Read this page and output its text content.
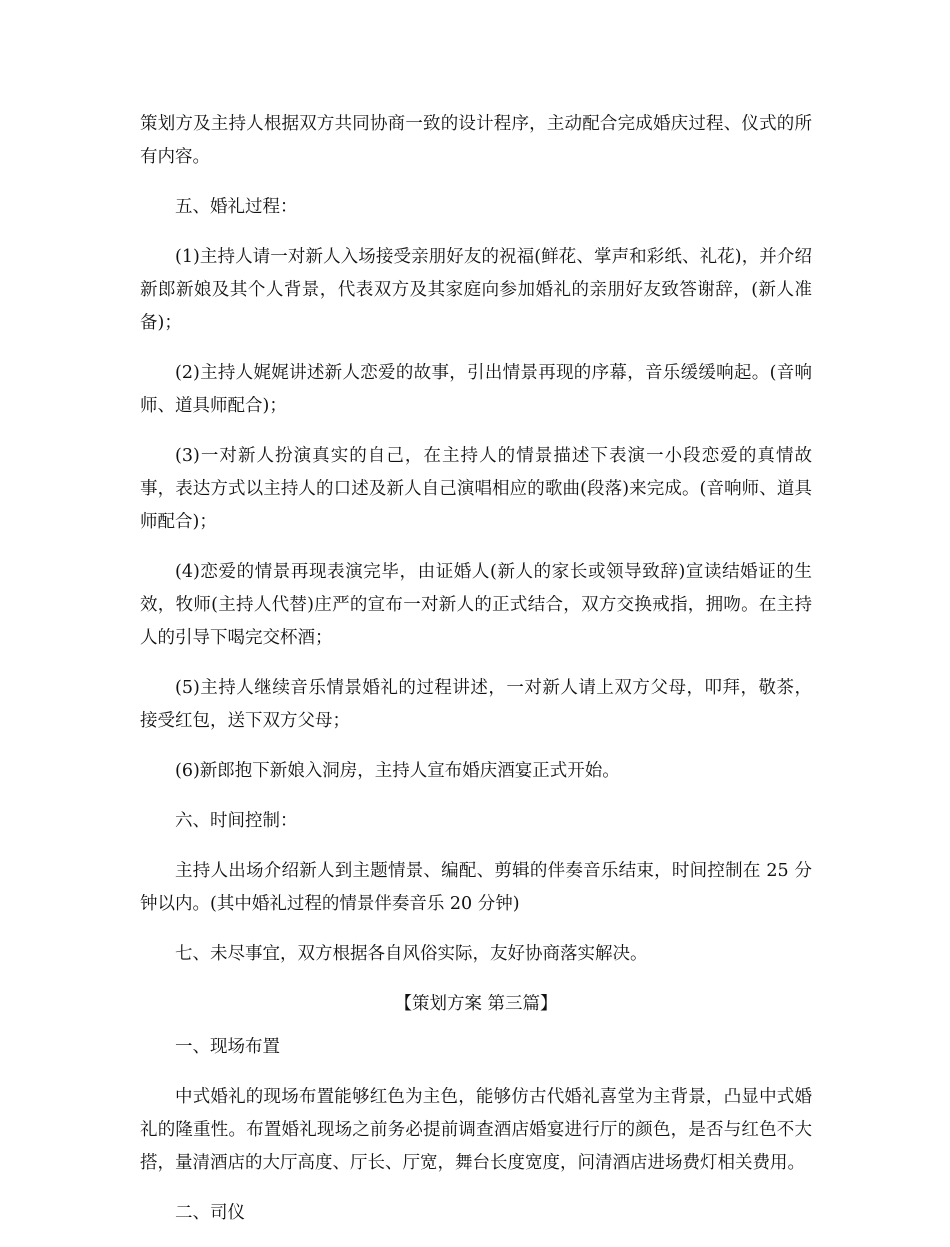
策划方及主持人根据双方共同协商一致的设计程序，主动配合完成婚庆过程、仪式的所有内容。

五、婚礼过程：

(1)主持人请一对新人入场接受亲朋好友的祝福(鲜花、掌声和彩纸、礼花)，并介绍新郎新娘及其个人背景，代表双方及其家庭向参加婚礼的亲朋好友致答谢辞，(新人准备)；

(2)主持人娓娓讲述新人恋爱的故事，引出情景再现的序幕，音乐缓缓响起。(音响师、道具师配合)；

(3)一对新人扮演真实的自己，在主持人的情景描述下表演一小段恋爱的真情故事，表达方式以主持人的口述及新人自己演唱相应的歌曲(段落)来完成。(音响师、道具师配合)；

(4)恋爱的情景再现表演完毕，由证婚人(新人的家长或领导致辞)宣读结婚证的生效，牧师(主持人代替)庄严的宣布一对新人的正式结合，双方交换戒指，拥吻。在主持人的引导下喝完交杯酒；

(5)主持人继续音乐情景婚礼的过程讲述，一对新人请上双方父母，叩拜，敬茶，接受红包，送下双方父母；

(6)新郎抱下新娘入洞房，主持人宣布婚庆酒宴正式开始。

六、时间控制：

主持人出场介绍新人到主题情景、编配、剪辑的伴奏音乐结束，时间控制在 25 分钟以内。(其中婚礼过程的情景伴奏音乐 20 分钟)

七、未尽事宜，双方根据各自风俗实际，友好协商落实解决。

【策划方案 第三篇】

一、现场布置

中式婚礼的现场布置能够红色为主色，能够仿古代婚礼喜堂为主背景，凸显中式婚礼的隆重性。布置婚礼现场之前务必提前调查酒店婚宴进行厅的颜色，是否与红色不大搭，量清酒店的大厅高度、厅长、厅宽，舞台长度宽度，问清酒店进场费灯相关费用。

二、司仪
